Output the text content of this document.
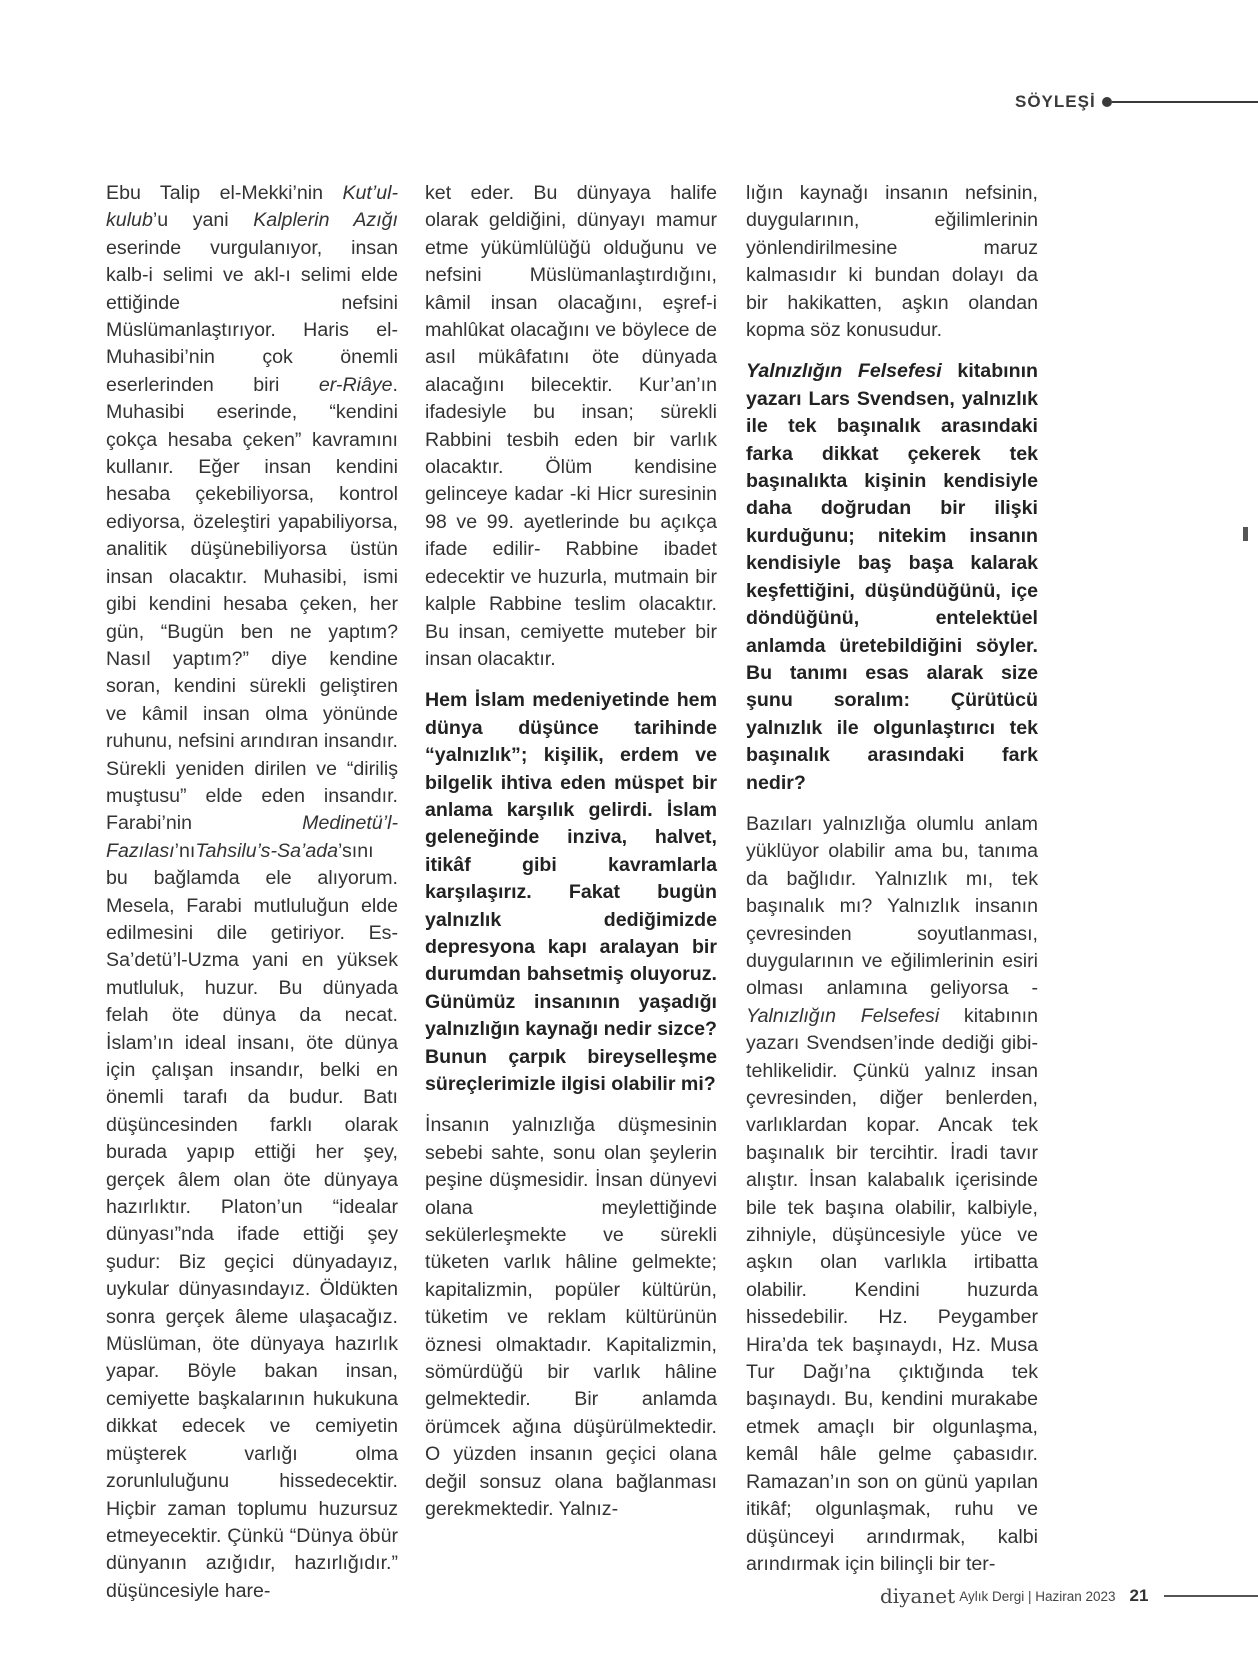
SÖYLEŞİ

Ebu Talip el-Mekki’nin Kut’ul-kulub’u yani Kalplerin Azığı eserinde vurgulanıyor, insan kalb-i selimi ve akl-ı selimi elde ettiğinde nefsini Müslümanlaştırıyor. Haris el-Muhasibi’nin çok önemli eserlerinden biri er-Riâye. Muhasibi eserinde, “kendini çokça hesaba çeken” kavramını kullanır. Eğer insan kendini hesaba çekebiliyorsa, kontrol ediyorsa, özeleştiri yapabiliyorsa, analitik düşünebiliyorsa üstün insan olacaktır. Muhasibi, ismi gibi kendini hesaba çeken, her gün, “Bugün ben ne yaptım? Nasıl yaptım?” diye kendine soran, kendini sürekli geliştiren ve kâmil insan olma yönünde ruhunu, nefsini arındıran insandır. Sürekli yeniden dirilen ve “diriliş muştusu” elde eden insandır. Farabi’nin Medinetü’l-Fazılası’nıTahsilu’s-Sa’ada’sını bu bağlamda ele alıyorum. Mesela, Farabi mutluluğun elde edilmesini dile getiriyor. Es-Sa’detü’l-Uzma yani en yüksek mutluluk, huzur. Bu dünyada felah öte dünya da necat. İslam’ın ideal insanı, öte dünya için çalışan insandır, belki en önemli tarafı da budur. Batı düşüncesinden farklı olarak burada yapıp ettiği her şey, gerçek âlem olan öte dünyaya hazırlıktır. Platon’un “idealar dünyası”nda ifade ettiği şey şudur: Biz geçici dünyadayız, uykular dünyasındayız. Öldükten sonra gerçek âleme ulaşacağız. Müslüman, öte dünyaya hazırlık yapar. Böyle bakan insan, cemiyette başkalarının hukukuna dikkat edecek ve cemiyetin müşterek varlığı olma zorunluluğunu hissedecektir. Hiçbir zaman toplumu huzursuz etmeyecektir. Çünkü “Dünya öbür dünyanın azığıdır, hazırlığıdır.” düşüncesiyle hare-

ket eder. Bu dünyaya halife olarak geldiğini, dünyayı mamur etme yükümlülüğü olduğunu ve nefsini Müslümanlaştırdığını, kâmil insan olacağını, eşref-i mahlûkat olacağını ve böylece de asıl mükâfatını öte dünyada alacağını bilecektir. Kur’an’ın ifadesiyle bu insan; sürekli Rabbini tesbih eden bir varlık olacaktır. Ölüm kendisine gelinceye kadar -ki Hicr suresinin 98 ve 99. ayetlerinde bu açıkça ifade edilir- Rabbine ibadet edecektir ve huzurla, mutmain bir kalple Rabbine teslim olacaktır. Bu insan, cemiyette muteber bir insan olacaktır.

Hem İslam medeniyetinde hem dünya düşünce tarihinde “yalnızlık”; kişilik, erdem ve bilgelik ihtiva eden müspet bir anlama karşılık gelirdi. İslam geleneğinde inziva, halvet, itikâf gibi kavramlarla karşılaşırız. Fakat bugün yalnızlık dediğimizde depresyona kapı aralayan bir durumdan bahsetmiş oluyoruz. Günümüz insanının yaşadığı yalnızlığın kaynağı nedir sizce? Bunun çarpık bireyselleşme süreçlerimizle ilgisi olabilir mi?

İnsanın yalnızlığa düşmesinin sebebi sahte, sonu olan şeylerin peşine düşmesidir. İnsan dünyevi olana meylettiğinde sekülerleşmekte ve sürekli tüketen varlık hâline gelmekte; kapitalizmin, popüler kültürün, tüketim ve reklam kültürünün öznesi olmaktadır. Kapitalizmin, sömürdüğü bir varlık hâline gelmektedir. Bir anlamda örümcek ağına düşürülmektedir. O yüzden insanın geçici olana değil sonsuz olana bağlanması gerekmektedir. Yalnız-

lığın kaynağı insanın nefsinin, duygularının, eğilimlerinin yönlendirilmesine maruz kalmasıdır ki bundan dolayı da bir hakikatten, aşkın olandan kopma söz konusudur.

Yalnızlığın Felsefesi kitabının yazarı Lars Svendsen, yalnızlık ile tek başınalık arasındaki farka dikkat çekerek tek başınalıkta kişinin kendisiyle daha doğrudan bir ilişki kurduğunu; nitekim insanın kendisiyle baş başa kalarak keşfettiğini, düşündüğünü, içe döndüğünü, entelektüel anlamda üretebildiğini söyler. Bu tanımı esas alarak size şunu soralım: Çürütücü yalnızlık ile olgunlaştırıcı tek başınalık arasındaki fark nedir?

Bazıları yalnızlığa olumlu anlam yüklüyor olabilir ama bu, tanıma da bağlıdır. Yalnızlık mı, tek başınalık mı? Yalnızlık insanın çevresinden soyutlanması, duygularının ve eğilimlerinin esiri olması anlamına geliyorsa -Yalnızlığın Felsefesi kitabının yazarı Svendsen’inde dediği gibi- tehlikelidir. Çünkü yalnız insan çevresinden, diğer benlerden, varlıklardan kopar. Ancak tek başınalık bir tercihtir. İradi tavır alıştır. İnsan kalabalık içerisinde bile tek başına olabilir, kalbiyle, zihniyle, düşüncesiyle yüce ve aşkın olan varlıkla irtibatta olabilir. Kendini huzurda hissedebilir. Hz. Peygamber Hira’da tek başınaydı, Hz. Musa Tur Dağı’na çıktığında tek başınaydı. Bu, kendini murakabe etmek amaçlı bir olgunlaşma, kemâl hâle gelme çabasıdır. Ramazan’ın son on günü yapılan itikâf; olgunlaşmak, ruhu ve düşünceyi arındırmak, kalbi arındırmak için bilinçli bir ter-

diyanet Aylık Dergi | Haziran 2023 21
